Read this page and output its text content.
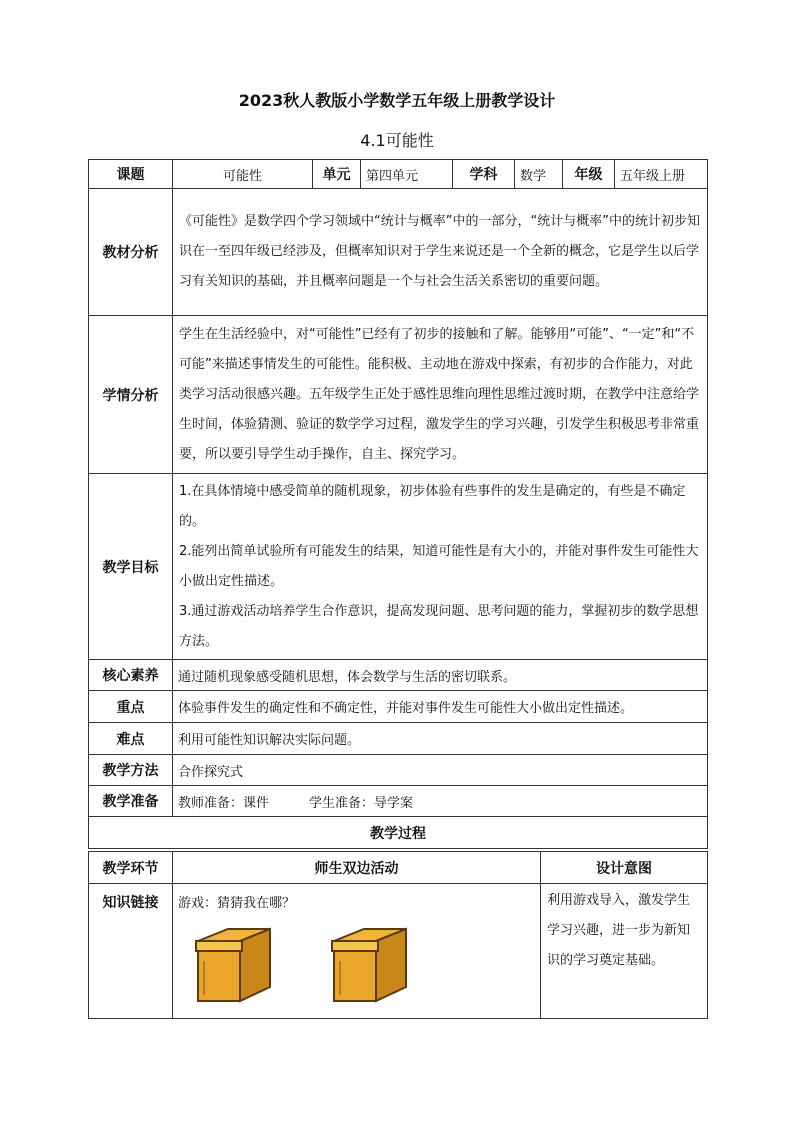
2023秋人教版小学数学五年级上册教学设计
4.1可能性
课题	可能性	单元	第四单元	学科	数学	年级	五年级上册
教材分析	《可能性》是数学四个学习领域中“统计与概率”中的一部分，“统计与概率”中的统计初步知识在一至四年级已经涉及，但概率知识对于学生来说还是一个全新的概念，它是学生以后学习有关知识的基础，并且概率问题是一个与社会生活关系密切的重要问题。						
学情分析	学生在生活经验中，对“可能性”已经有了初步的接触和了解。能够用“可能”、“一定”和“不可能”来描述事情发生的可能性。能积极、主动地在游戏中探索，有初步的合作能力，对此类学习活动很感兴趣。五年级学生正处于感性思维向理性思维过渡时期，在教学中注意给学生时间，体验猜测、验证的数学学习过程，激发学生的学习兴趣，引发学生积极思考非常重要，所以要引导学生动手操作，自主、探究学习。						
教学目标	1.在具体情境中感受简单的随机现象，初步体验有些事件的发生是确定的，有些是不确定的。

2.能列出简单试验所有可能发生的结果，知道可能性是有大小的，并能对事件发生可能性大小做出定性描述。

3.通过游戏活动培养学生合作意识，提高发现问题、思考问题的能力，掌握初步的数学思想方法。						

核心素养	通过随机现象感受随机思想，体会数学与生活的密切联系。						
重点	体验事件发生的确定性和不确定性，并能对事件发生可能性大小做出定性描述。						
难点	利用可能性知识解决实际问题。						
教学方法	合作探究式						
教学准备	教师准备：课件 学生准备：导学案						
教学过程							
教学环节	师生双边活动	设计意图
知识链接	游戏：猜猜我在哪？	利用游戏导入，激发学生学习兴趣，进一步为新知识的学习奠定基础。
